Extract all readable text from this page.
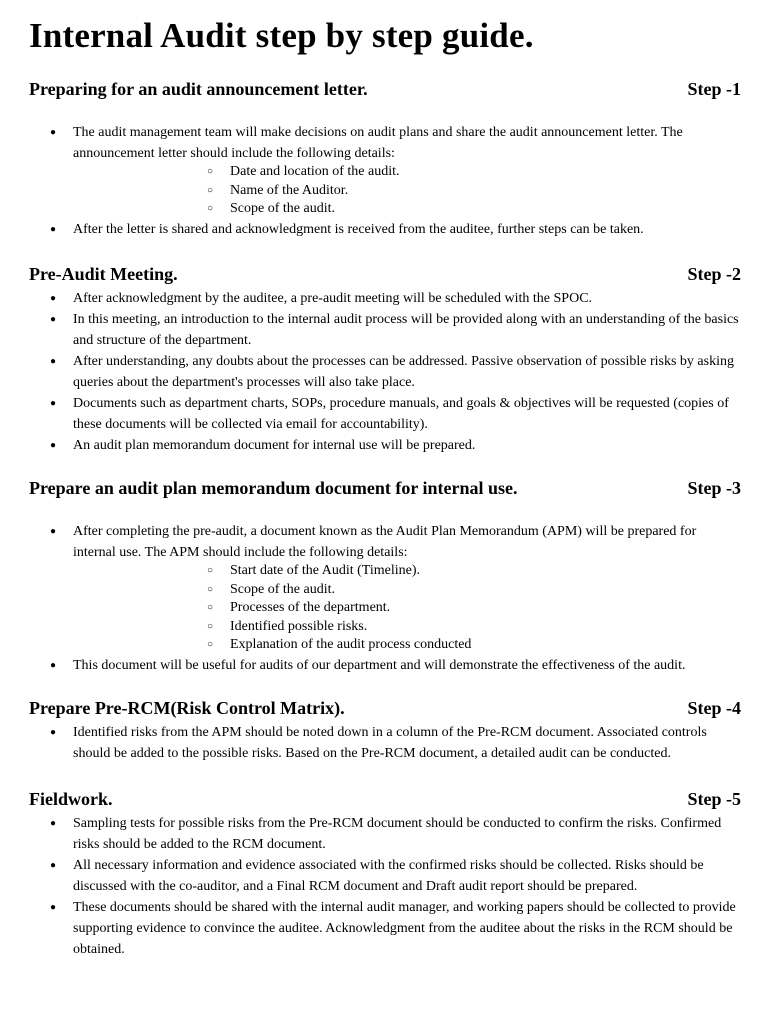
Internal Audit step by step guide.
Preparing for an audit announcement letter.	Step -1
● The audit management team will make decisions on audit plans and share the audit announcement letter. The announcement letter should include the following details:
○ Date and location of the audit.
○ Name of the Auditor.
○ Scope of the audit.
● After the letter is shared and acknowledgment is received from the auditee, further steps can be taken.
Pre-Audit Meeting.	Step -2
● After acknowledgment by the auditee, a pre-audit meeting will be scheduled with the SPOC.
● In this meeting, an introduction to the internal audit process will be provided along with an understanding of the basics and structure of the department.
● After understanding, any doubts about the processes can be addressed. Passive observation of possible risks by asking queries about the department's processes will also take place.
● Documents such as department charts, SOPs, procedure manuals, and goals & objectives will be requested (copies of these documents will be collected via email for accountability).
● An audit plan memorandum document for internal use will be prepared.
Prepare an audit plan memorandum document for internal use.	Step -3
● After completing the pre-audit, a document known as the Audit Plan Memorandum (APM) will be prepared for internal use. The APM should include the following details:
○ Start date of the Audit (Timeline).
○ Scope of the audit.
○ Processes of the department.
○ Identified possible risks.
○ Explanation of the audit process conducted
● This document will be useful for audits of our department and will demonstrate the effectiveness of the audit.
Prepare Pre-RCM(Risk Control Matrix).	Step -4
● Identified risks from the APM should be noted down in a column of the Pre-RCM document. Associated controls should be added to the possible risks. Based on the Pre-RCM document, a detailed audit can be conducted.
Fieldwork.	Step -5
● Sampling tests for possible risks from the Pre-RCM document should be conducted to confirm the risks. Confirmed risks should be added to the RCM document.
● All necessary information and evidence associated with the confirmed risks should be collected. Risks should be discussed with the co-auditor, and a Final RCM document and Draft audit report should be prepared.
● These documents should be shared with the internal audit manager, and working papers should be collected to provide supporting evidence to convince the auditee. Acknowledgment from the auditee about the risks in the RCM should be obtained.
